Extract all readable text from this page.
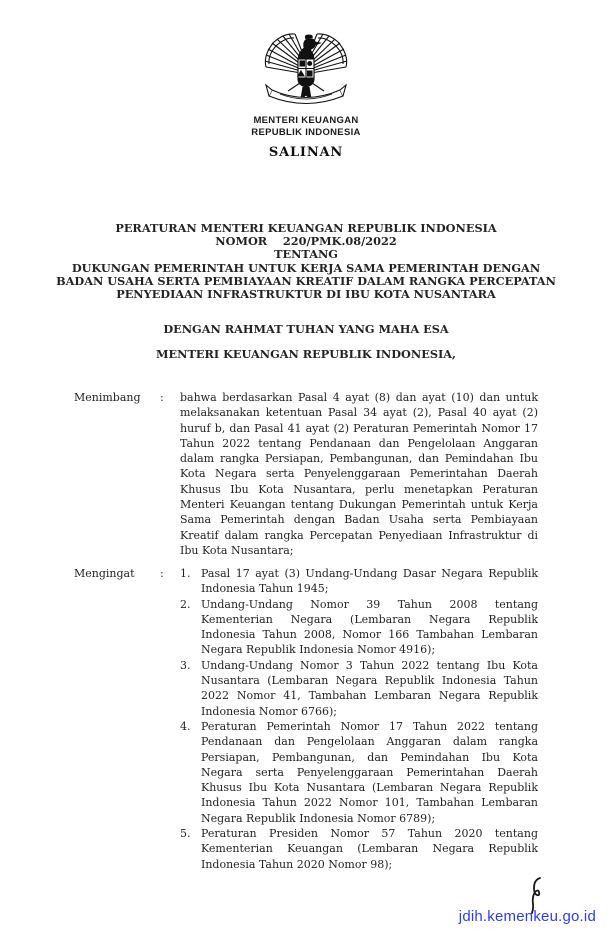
MENTERI KEUANGAN
REPUBLIK INDONESIA
SALINAN
PERATURAN MENTERI KEUANGAN REPUBLIK INDONESIA
NOMOR    220/PMK.08/2022
TENTANG
DUKUNGAN PEMERINTAH UNTUK KERJA SAMA PEMERINTAH DENGAN
BADAN USAHA SERTA PEMBIAYAAN KREATIF DALAM RANGKA PERCEPATAN
PENYEDIAAN INFRASTRUKTUR DI IBU KOTA NUSANTARA
DENGAN RAHMAT TUHAN YANG MAHA ESA
MENTERI KEUANGAN REPUBLIK INDONESIA,
Menimbang	:	bahwa berdasarkan Pasal 4 ayat (8) dan ayat (10) dan untuk melaksanakan ketentuan Pasal 34 ayat (2), Pasal 40 ayat (2) huruf b, dan Pasal 41 ayat (2) Peraturan Pemerintah Nomor 17 Tahun 2022 tentang Pendanaan dan Pengelolaan Anggaran dalam rangka Persiapan, Pembangunan, dan Pemindahan Ibu Kota Negara serta Penyelenggaraan Pemerintahan Daerah Khusus Ibu Kota Nusantara, perlu menetapkan Peraturan Menteri Keuangan tentang Dukungan Pemerintah untuk Kerja Sama Pemerintah dengan Badan Usaha serta Pembiayaan Kreatif dalam rangka Percepatan Penyediaan Infrastruktur di Ibu Kota Nusantara;
Mengingat	:	1. Pasal 17 ayat (3) Undang-Undang Dasar Negara Republik Indonesia Tahun 1945;
2. Undang-Undang Nomor 39 Tahun 2008 tentang Kementerian Negara (Lembaran Negara Republik Indonesia Tahun 2008, Nomor 166 Tambahan Lembaran Negara Republik Indonesia Nomor 4916);
3. Undang-Undang Nomor 3 Tahun 2022 tentang Ibu Kota Nusantara (Lembaran Negara Republik Indonesia Tahun 2022 Nomor 41, Tambahan Lembaran Negara Republik Indonesia Nomor 6766);
4. Peraturan Pemerintah Nomor 17 Tahun 2022 tentang Pendanaan dan Pengelolaan Anggaran dalam rangka Persiapan, Pembangunan, dan Pemindahan Ibu Kota Negara serta Penyelenggaraan Pemerintahan Daerah Khusus Ibu Kota Nusantara (Lembaran Negara Republik Indonesia Tahun 2022 Nomor 101, Tambahan Lembaran Negara Republik Indonesia Nomor 6789);
5. Peraturan Presiden Nomor 57 Tahun 2020 tentang Kementerian Keuangan (Lembaran Negara Republik Indonesia Tahun 2020 Nomor 98);
jdih.kemenkeu.go.id
